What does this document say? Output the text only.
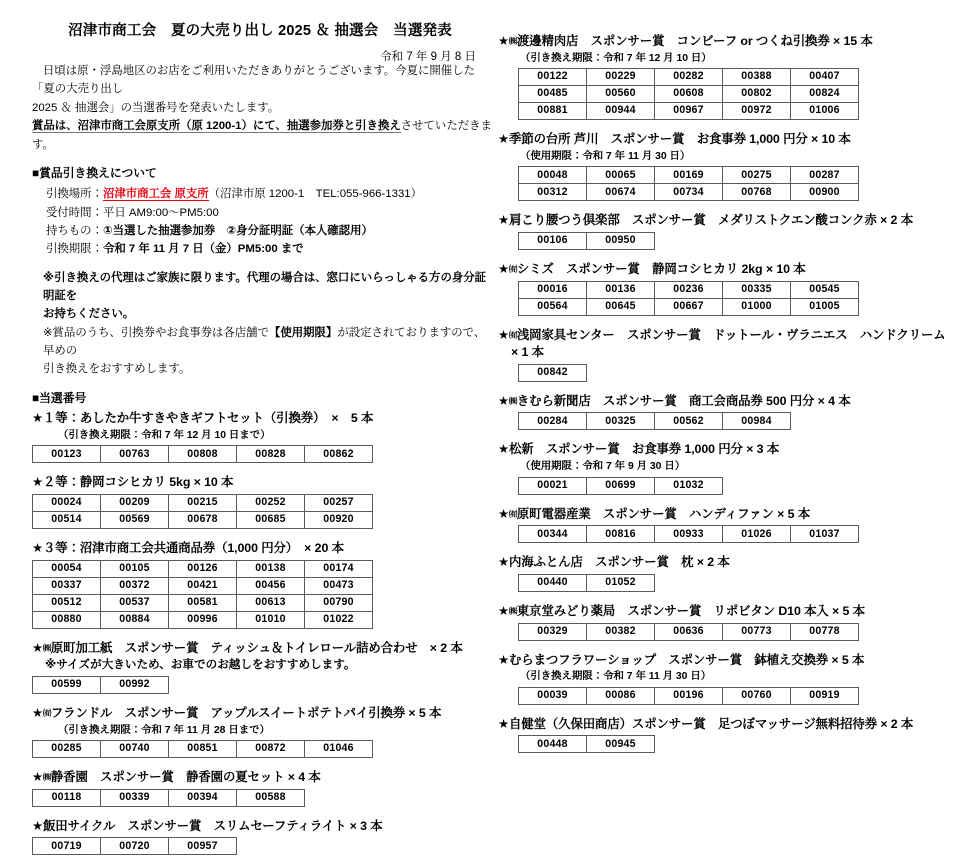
沼津市商工会　夏の大売り出し 2025 ＆ 抽選会　当選発表
令和 7 年 9 月 8 日

日頃は原・浮島地区のお店をご利用いただきありがとうございます。今夏に開催した「夏の大売り出し

2025 ＆ 抽選会」の当選番号を発表いたします。

賞品は、沼津市商工会原支所（原 1200-1）にて、抽選参加券と引き換えさせていただきます。

■賞品引き換えについて
引換場所：沼津市商工会 原支所（沼津市原 1200-1　TEL:055-966-1331）
受付時間：平日 AM9:00～PM5:00
持ちもの：①当選した抽選参加券　②身分証明証（本人確認用）
引換期限：令和 7 年 11 月 7 日（金）PM5:00 まで
※引き換えの代理はご家族に限ります。代理の場合は、窓口にいらっしゃる方の身分証明証を
お持ちください。
※賞品のうち、引換券やお食事券は各店舗で【使用期限】が設定されておりますので、早めの
引き換えをおすすめします。
■当選番号
★１等：あしたか牛すきやきギフトセット（引換券）　×　5 本
（引き換え期限：令和 7 年 12 月 10 日まで）
00123	00763	00808	00828	00862
★２等：静岡コシヒカリ 5kg × 10 本
00024	00209	00215	00252	00257
00514	00569	00678	00685	00920
★３等：沼津市商工会共通商品券（1,000 円分）　× 20 本
00054	00105	00126	00138	00174
00337	00372	00421	00456	00473
00512	00537	00581	00613	00790
00880	00884	00996	01010	01022
★㈱原町加工紙　スポンサー賞　ティッシュ＆トイレロール詰め合わせ　× 2 本
※サイズが大きいため、お車でのお越しをおすすめします。
00599	00992
★㈲フランドル　スポンサー賞　アップルスイートポテトパイ引換券 × 5 本
（引き換え期限：令和 7 年 11 月 28 日まで）
00285	00740	00851	00872	01046
★㈱静香園　スポンサー賞　静香園の夏セット × 4 本
00118	00339	00394	00588
★飯田サイクル　スポンサー賞　スリムセーフティライト × 3 本
00719	00720	00957
★㈱渡邊精肉店　スポンサー賞　コンビーフ or つくね引換券 × 15 本
（引き換え期限：令和 7 年 12 月 10 日）
00122	00229	00282	00388	00407
00485	00560	00608	00802	00824
00881	00944	00967	00972	01006
★季節の台所 芦川　スポンサー賞　お食事券 1,000 円分 × 10 本
（使用期限：令和 7 年 11 月 30 日）
00048	00065	00169	00275	00287
00312	00674	00734	00768	00900
★肩こり腰つう倶楽部　スポンサー賞　メダリストクエン酸コンク赤 × 2 本
00106	00950
★㈲シミズ　スポンサー賞　静岡コシヒカリ 2kg × 10 本
00016	00136	00236	00335	00545
00564	00645	00667	01000	01005
★㈲浅岡家具センター　スポンサー賞　ドットール・ヴラニエス　ハンドクリーム
× 1 本
00842
★㈱きむら新聞店　スポンサー賞　商工会商品券 500 円分 × 4 本
00284	00325	00562	00984
★松新　スポンサー賞　お食事券 1,000 円分 × 3 本
（使用期限：令和 7 年 9 月 30 日）
00021	00699	01032
★㈲原町電器産業　スポンサー賞　ハンディファン × 5 本
00344	00816	00933	01026	01037
★内海ふとん店　スポンサー賞　枕 × 2 本
00440	01052
★㈱東京堂みどり薬局　スポンサー賞　リポビタン D10 本入 × 5 本
00329	00382	00636	00773	00778
★むらまつフラワーショップ　スポンサー賞　鉢植え交換券 × 5 本
（引き換え期限：令和 7 年 11 月 30 日）
00039	00086	00196	00760	00919
★自健堂（久保田商店）スポンサー賞　足つぼマッサージ無料招待券 × 2 本
00448	00945
